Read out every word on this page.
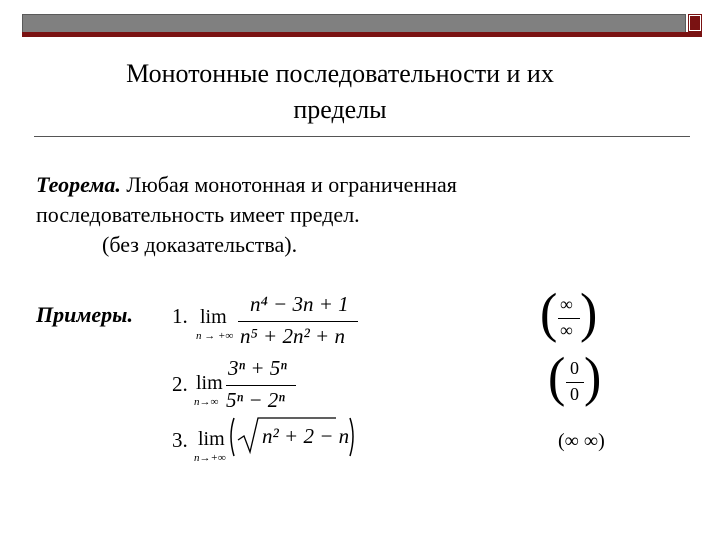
Монотонные последовательности и их
пределы
Теорема. Любая монотонная и ограниченная
последовательность имеет предел.
(без доказательства).
Примеры. 1. lim
n → +∞
n⁴ − 3n + 1
n⁵ + 2n² + n	( ∞
∞ )
2. lim
n→∞
3ⁿ + 5ⁿ
5ⁿ − 2ⁿ	( 0
0 )
3. lim
n→+∞
n² + 2 − n	(∞ ∞)
